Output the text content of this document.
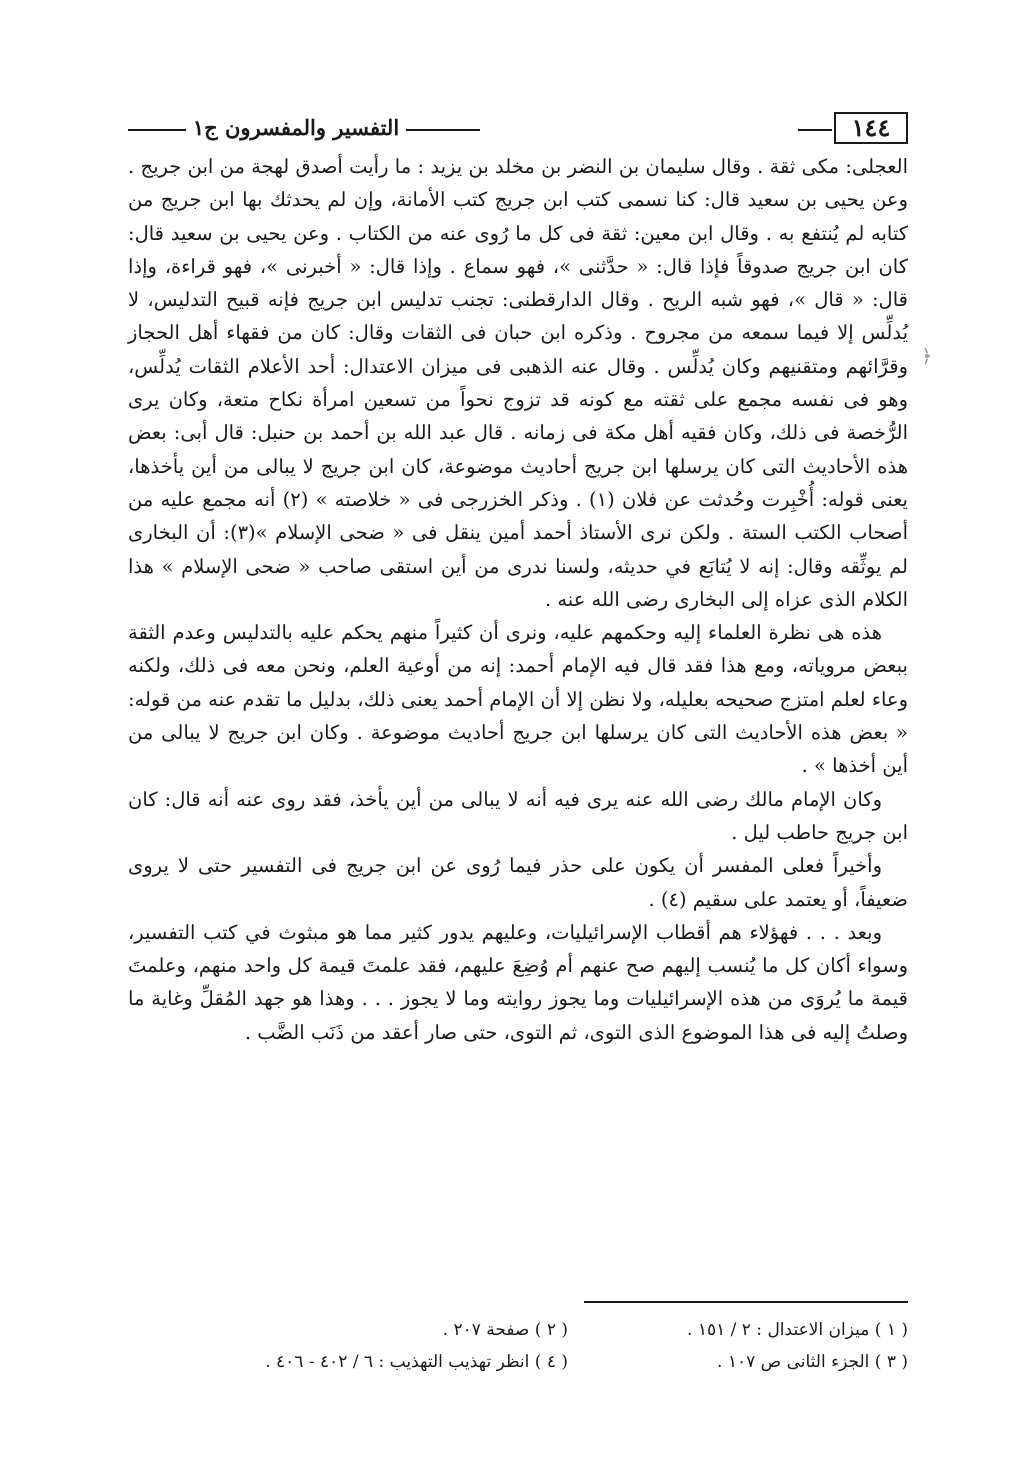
١٤٤
التفسير والمفسرون ج١

العجلى: مكى ثقة . وقال سليمان بن النضر بن مخلد بن يزيد : ما رأيت أصدق لهجة من ابن جريج . وعن يحيى بن سعيد قال: كنا نسمى كتب ابن جريج كتب الأمانة، وإن لم يحدثك بها ابن جريج من كتابه لم يُنتفع به . وقال ابن معين: ثقة فى كل ما رُوى عنه من الكتاب . وعن يحيى بن سعيد قال: كان ابن جريج صدوقاً فإذا قال: « حدَّثنى »، فهو سماع . وإذا قال: « أخبرنى »، فهو قراءة، وإذا قال: « قال »، فهو شبه الريح . وقال الدارقطنى: تجنب تدليس ابن جريج فإنه قبيح التدليس، لا يُدلِّس إلا فيما سمعه من مجروح . وذكره ابن حبان فى الثقات وقال: كان من فقهاء أهل الحجاز وقرَّائهم ومتقنيهم وكان يُدلِّس . وقال عنه الذهبى فى ميزان الاعتدال: أحد الأعلام الثقات يُدلِّس، وهو فى نفسه مجمع على ثقته مع كونه قد تزوج نحواً من تسعين امرأة نكاح متعة، وكان يرى الرُّخصة فى ذلك، وكان فقيه أهل مكة فى زمانه . قال عبد الله بن أحمد بن حنبل: قال أبى: بعض هذه الأحاديث التى كان يرسلها ابن جريج أحاديث موضوعة، كان ابن جريج لا يبالى من أين يأخذها، يعنى قوله: أُخْبِرت وحُدثت عن فلان (١) . وذكر الخزرجى فى « خلاصته » (٢) أنه مجمع عليه من أصحاب الكتب الستة . ولكن نرى الأستاذ أحمد أمين ينقل فى « ضحى الإسلام »(٣): أن البخارى لم يوثِّقه وقال: إنه لا يُتابَع في حديثه، ولسنا ندرى من أين استقى صاحب « ضحى الإسلام » هذا الكلام الذى عزاه إلى البخارى رضى الله عنه .

هذه هى نظرة العلماء إليه وحكمهم عليه، ونرى أن كثيراً منهم يحكم عليه بالتدليس وعدم الثقة ببعض مروياته، ومع هذا فقد قال فيه الإمام أحمد: إنه من أوعية العلم، ونحن معه فى ذلك، ولكنه وعاء لعلم امتزج صحيحه بعليله، ولا نظن إلا أن الإمام أحمد يعنى ذلك، بدليل ما تقدم عنه من قوله: « بعض هذه الأحاديث التى كان يرسلها ابن جريج أحاديث موضوعة . وكان ابن جريج لا يبالى من أين أخذها » .

وكان الإمام مالك رضى الله عنه يرى فيه أنه لا يبالى من أين يأخذ، فقد روى عنه أنه قال: كان ابن جريج حاطب ليل .

وأخيراً فعلى المفسر أن يكون على حذر فيما رُوى عن ابن جريج فى التفسير حتى لا يروى ضعيفاً، أو يعتمد على سقيم (٤) .

وبعد . . . فهؤلاء هم أقطاب الإسرائيليات، وعليهم يدور كثير مما هو مبثوث في كتب التفسير، وسواء أكان كل ما يُنسب إليهم صح عنهم أم وُضِعَ عليهم، فقد علمتَ قيمة كل واحد منهم، وعلمتَ قيمة ما يُروَى من هذه الإسرائيليات وما يجوز روايته وما لا يجوز . . . وهذا هو جهد المُقلِّ وغاية ما وصلتُ إليه فى هذا الموضوع الذى التوى، ثم التوى، حتى صار أعقد من ذَنَب الضَّب .

( ١ ) ميزان الاعتدال : ٢ / ١٥١ .
( ٢ ) صفحة ٢٠٧ .
( ٣ ) الجزء الثانى ص ١٠٧ .
( ٤ ) انظر تهذيب التهذيب : ٦ / ٤٠٢ - ٤٠٦ .
﴿
